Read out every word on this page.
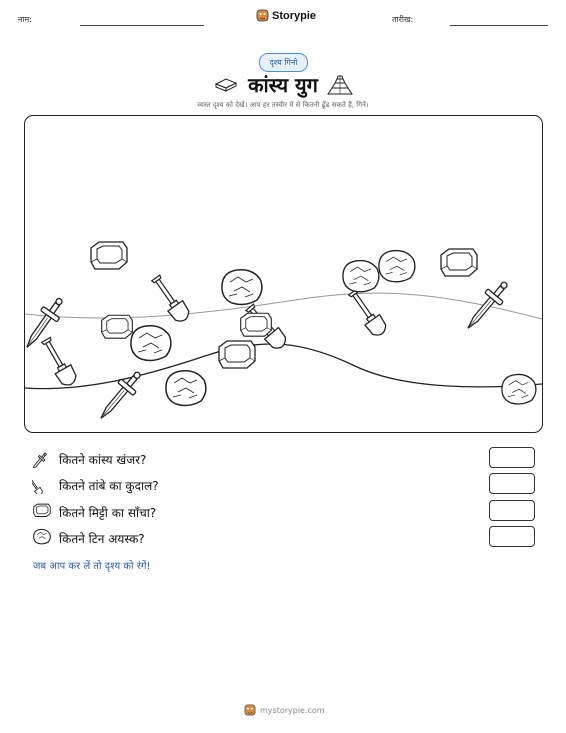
नाम:	Storypie	तारीख:
दृश्य गिनो
कांस्य युग
व्यस्त दृश्य को देखें। आप हर तस्वीर में से कितनी ढूँढ सकते हैं, गिनें।
कितने कांस्य खंजर?
कितने तांबे का कुदाल?
कितने मिट्टी का साँचा?
कितने टिन अयस्क?
जब आप कर लें तो दृश्य को रंगें!
mystorypie.com
